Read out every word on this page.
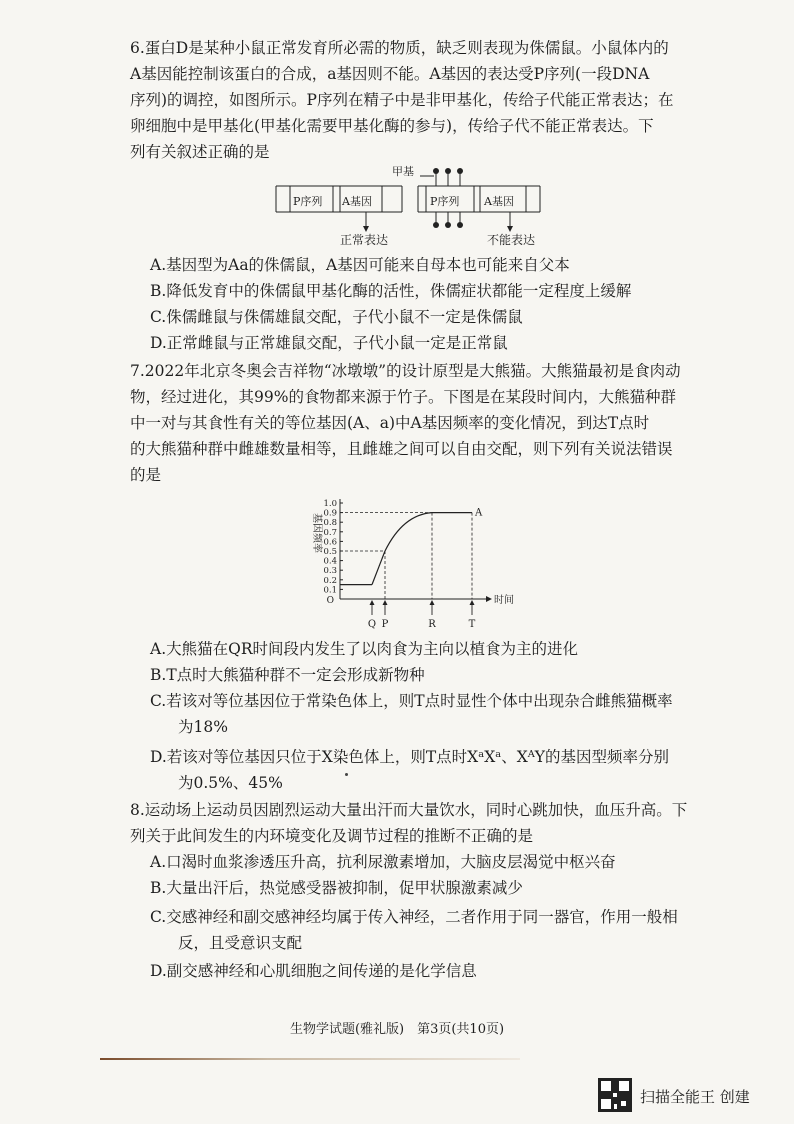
6.蛋白D是某种小鼠正常发育所必需的物质，缺乏则表现为侏儒鼠。小鼠体内的
A基因能控制该蛋白的合成，a基因则不能。A基因的表达受P序列(一段DNA
序列)的调控，如图所示。P序列在精子中是非甲基化，传给子代能正常表达；在
卵细胞中是甲基化(甲基化需要甲基化酶的参与)，传给子代不能正常表达。下
列有关叙述正确的是
甲基
P序列 A基因	P序列 A基因
正常表达	不能表达
A.基因型为Aa的侏儒鼠，A基因可能来自母本也可能来自父本
B.降低发育中的侏儒鼠甲基化酶的活性，侏儒症状都能一定程度上缓解
C.侏儒雌鼠与侏儒雄鼠交配，子代小鼠不一定是侏儒鼠
D.正常雌鼠与正常雄鼠交配，子代小鼠一定是正常鼠
7.2022年北京冬奥会吉祥物“冰墩墩”的设计原型是大熊猫。大熊猫最初是食肉动
物，经过进化，其99%的食物都来源于竹子。下图是在某段时间内，大熊猫种群
中一对与其食性有关的等位基因(A、a)中A基因频率的变化情况，到达T点时
的大熊猫种群中雌雄数量相等，且雌雄之间可以自由交配，则下列有关说法错误
的是
1.0
0.9
0.8
0.7
0.6
0.5
0.4
0.3
0.2
0.1
O
基因频率
时间
A
Q P	R	T
A.大熊猫在QR时间段内发生了以肉食为主向以植食为主的进化
B.T点时大熊猫种群不一定会形成新物种
C.若该对等位基因位于常染色体上，则T点时显性个体中出现杂合雌熊猫概率
为18%
D.若该对等位基因只位于X染色体上，则T点时XᵃXᵃ、XᴬY的基因型频率分别
为0.5%、45%
8.运动场上运动员因剧烈运动大量出汗而大量饮水，同时心跳加快，血压升高。下
列关于此间发生的内环境变化及调节过程的推断不正确的是
A.口渴时血浆渗透压升高，抗利尿激素增加，大脑皮层渴觉中枢兴奋
B.大量出汗后，热觉感受器被抑制，促甲状腺激素减少
C.交感神经和副交感神经均属于传入神经，二者作用于同一器官，作用一般相
反，且受意识支配
D.副交感神经和心肌细胞之间传递的是化学信息
生物学试题(雅礼版)　第3页(共10页)
扫描全能王 创建
